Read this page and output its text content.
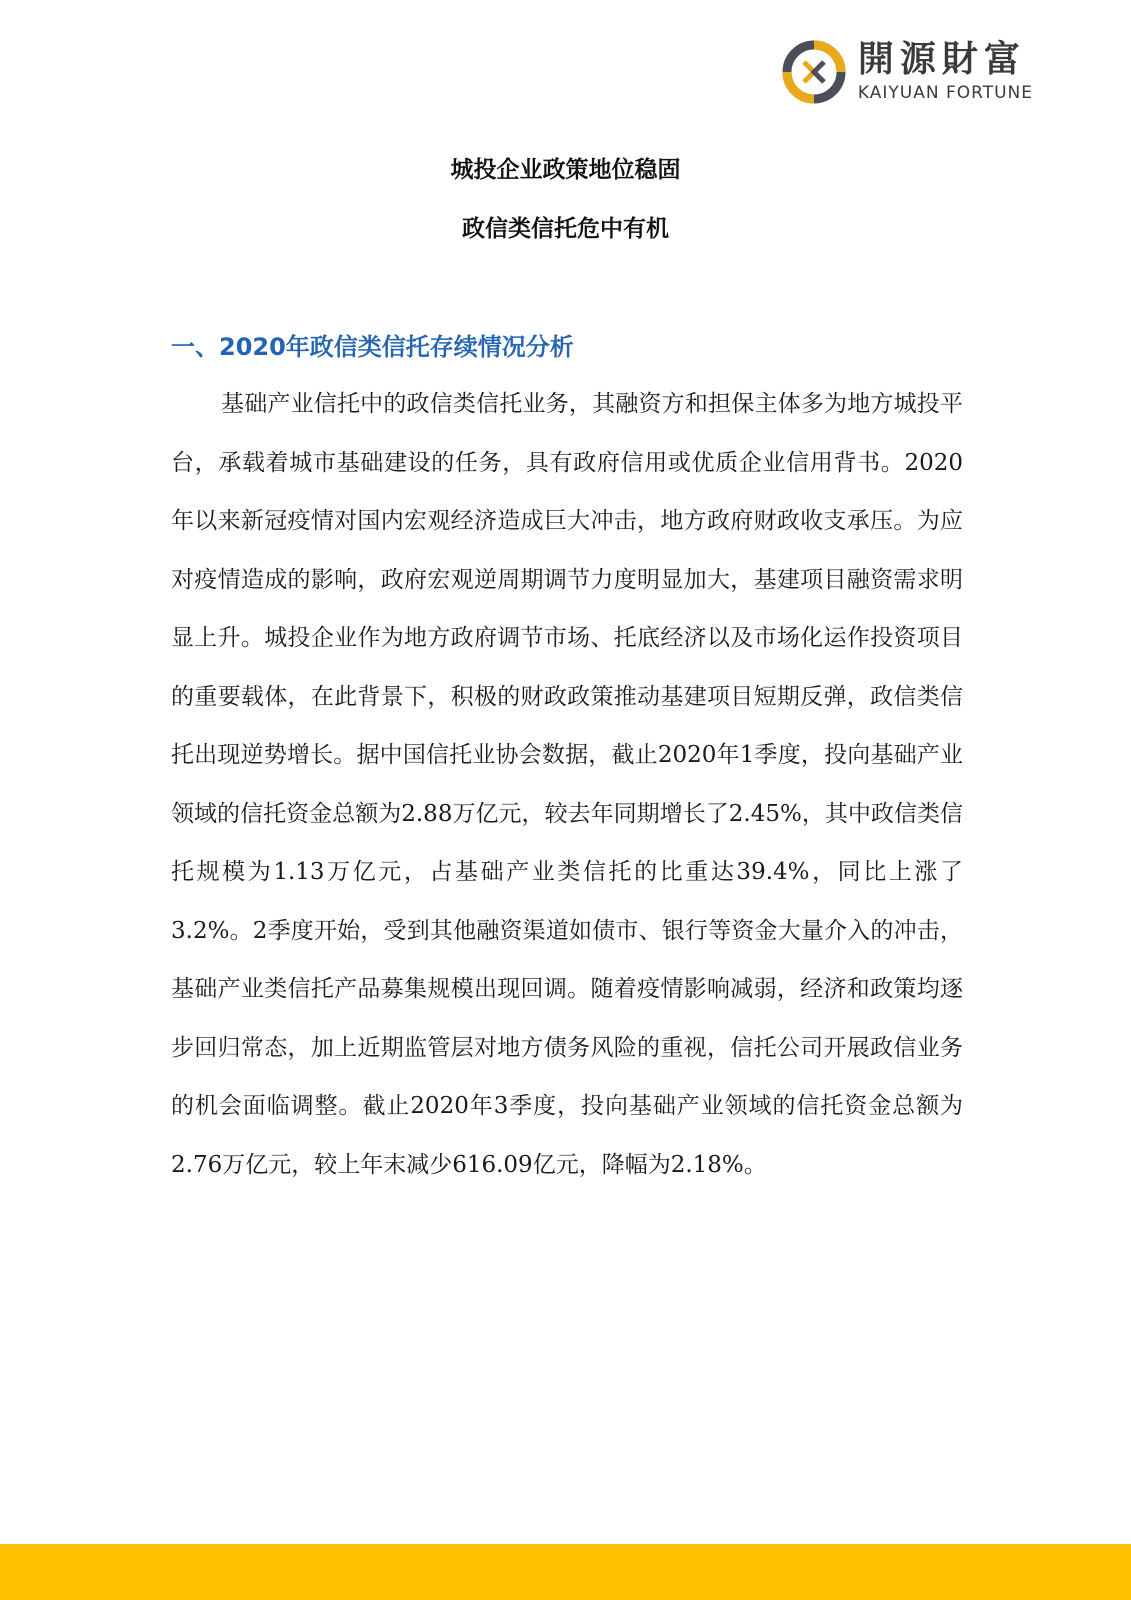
開源財富
KAIYUAN FORTUNE
城投企业政策地位稳固
政信类信托危中有机
一、2020年政信类信托存续情况分析

基础产业信托中的政信类信托业务，其融资方和担保主体多为地方城投平台，承载着城市基础建设的任务，具有政府信用或优质企业信用背书。2020年以来新冠疫情对国内宏观经济造成巨大冲击，地方政府财政收支承压。为应对疫情造成的影响，政府宏观逆周期调节力度明显加大，基建项目融资需求明显上升。城投企业作为地方政府调节市场、托底经济以及市场化运作投资项目的重要载体，在此背景下，积极的财政政策推动基建项目短期反弹，政信类信托出现逆势增长。据中国信托业协会数据，截止2020年1季度，投向基础产业领域的信托资金总额为2.88万亿元，较去年同期增长了2.45%，其中政信类信托规模为1.13万亿元，占基础产业类信托的比重达39.4%，同比上涨了3.2%。2季度开始，受到其他融资渠道如债市、银行等资金大量介入的冲击，基础产业类信托产品募集规模出现回调。随着疫情影响减弱，经济和政策均逐步回归常态，加上近期监管层对地方债务风险的重视，信托公司开展政信业务的机会面临调整。截止2020年3季度，投向基础产业领域的信托资金总额为2.76万亿元，较上年末减少616.09亿元，降幅为2.18%。
